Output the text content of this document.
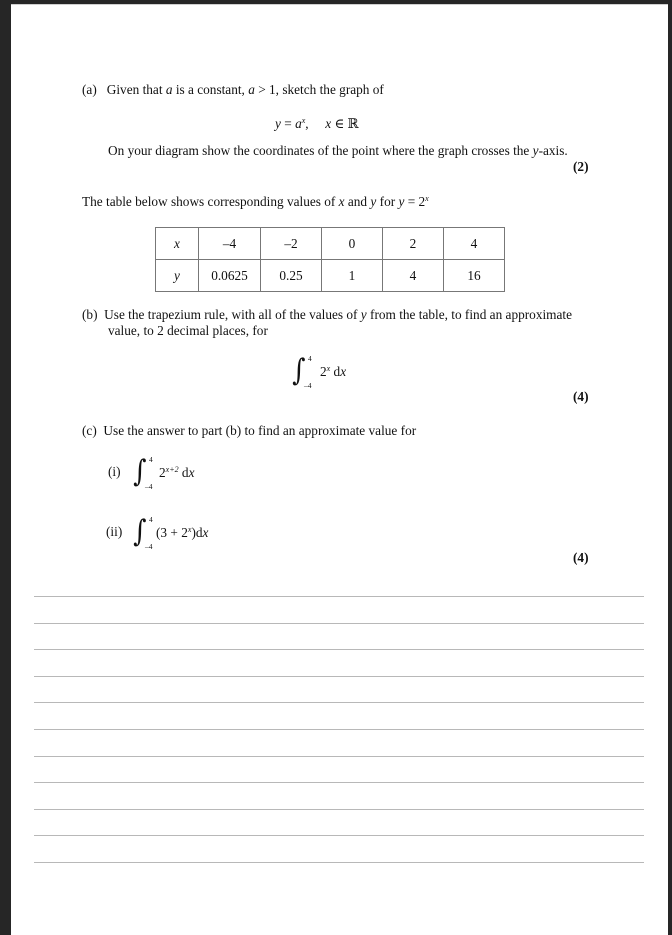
(a) Given that a is a constant, a > 1, sketch the graph of
$y = a^x$, x ∈ ℝ
On your diagram show the coordinates of the point where the graph crosses the y-axis.
(2)
The table below shows corresponding values of x and y for $y = 2^x$
x	–4	–2	0	2	4
y	0.0625	0.25	1	4	16
(b) Use the trapezium rule, with all of the values of y from the table, to find an approximate
value, to 2 decimal places, for
∫ 4
–4
2$^x$ dx
(4)
(c) Use the answer to part (b) to find an approximate value for
(i) ∫ 4
–4
$2^{x+2}$ dx
(ii) ∫ 4
–4
$(3 + 2^x)dx$
(4)
